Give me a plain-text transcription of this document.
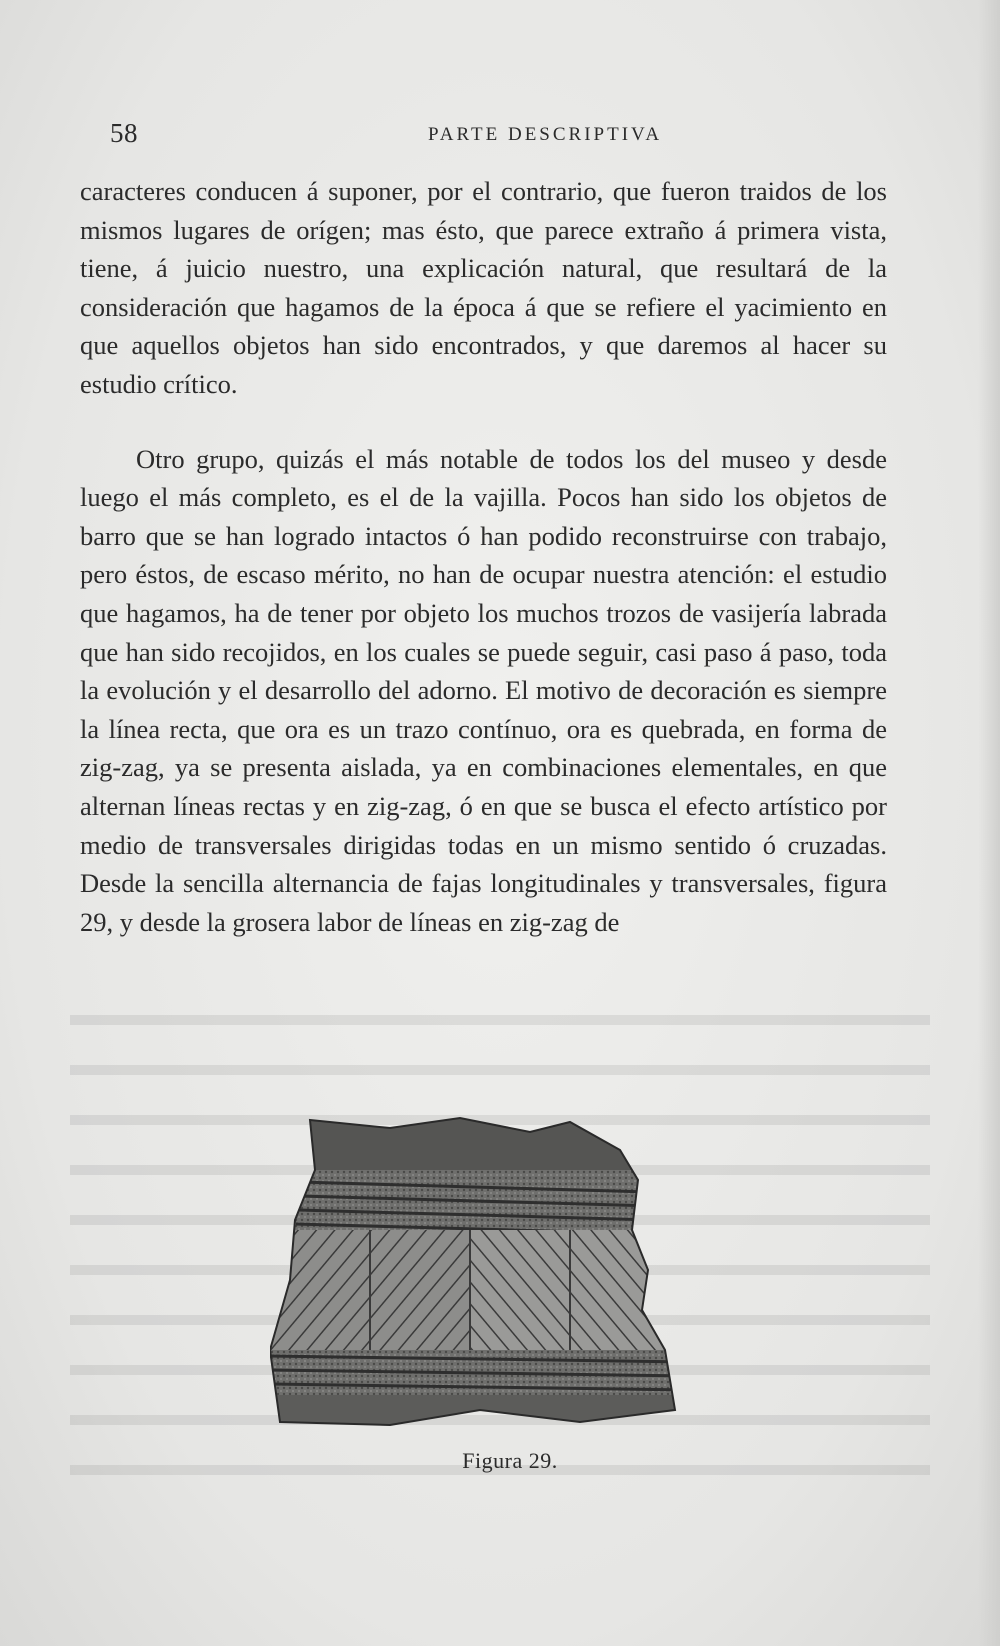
58	PARTE DESCRIPTIVA

caracteres conducen á suponer, por el contrario, que fueron traidos de los mismos lugares de orígen; mas ésto, que parece extraño á primera vista, tiene, á juicio nuestro, una explicación natural, que resultará de la consideración que hagamos de la época á que se refiere el yacimiento en que aquellos objetos han sido encontrados, y que daremos al hacer su estudio crítico.

Otro grupo, quizás el más notable de todos los del museo y desde luego el más completo, es el de la vajilla. Pocos han sido los objetos de barro que se han logrado intactos ó han podido reconstruirse con trabajo, pero éstos, de escaso mérito, no han de ocupar nuestra atención: el estudio que hagamos, ha de tener por objeto los muchos trozos de vasijería labrada que han sido recojidos, en los cuales se puede seguir, casi paso á paso, toda la evolución y el desarrollo del adorno. El motivo de decoración es siempre la línea recta, que ora es un trazo contínuo, ora es quebrada, en forma de zig-zag, ya se presenta aislada, ya en combinaciones elementales, en que alternan líneas rectas y en zig-zag, ó en que se busca el efecto artístico por medio de transversales dirigidas todas en un mismo sentido ó cruzadas. Desde la sencilla alternancia de fajas longitudinales y transversales, figura 29, y desde la grosera labor de líneas en zig-zag de

Figura 29.
